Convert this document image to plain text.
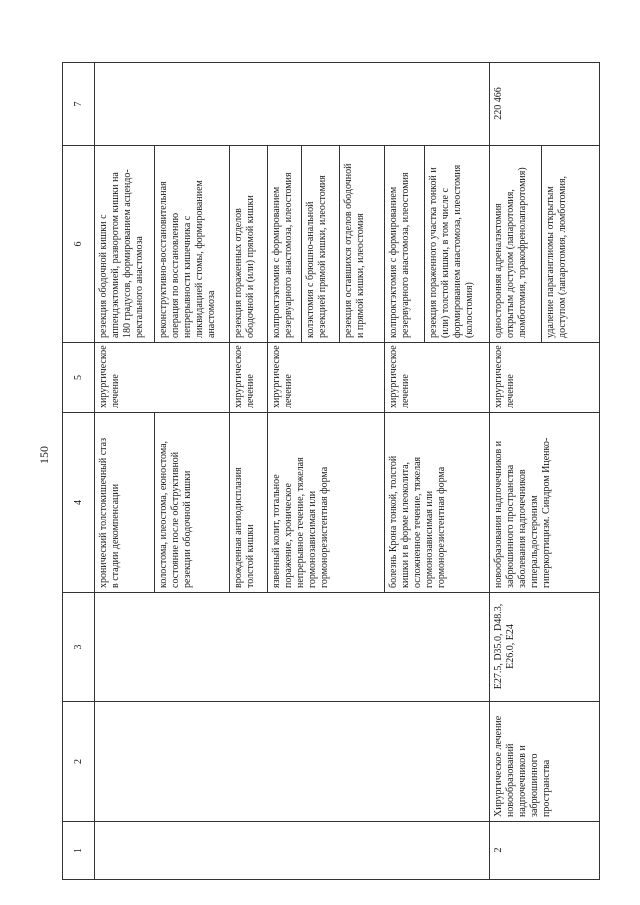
150
1
2
3
4
5
6
7
хронический толстокишечный стаз
в стадии декомпенсации
хирургическое
лечение
резекция ободочной кишки с
аппендэктомией, разворотом кишки на
180 градусов, формированием асцендо-
ректального анастомоза
колостома, илеостома, еюностома,
состояние после обструктивной
резекции ободочной кишки
реконструктивно-восстановительная
операция по восстановлению
непрерывности кишечника с
ликвидацией стомы, формированием
анастомоза
врожденная ангиодисплазия
толстой кишки
хирургическое
лечение
резекция пораженных отделов
ободочной и (или) прямой кишки
язвенный колит, тотальное
поражение, хроническое
непрерывное течение, тяжелая
гормонозависимая или
гормонорезистентная форма
хирургическое
лечение
колпроктэктомия с формированием
резервуарного анастомоза, илеостомия
колэктомия с брюшно-анальной
резекцией прямой кишки, илеостомия
резекция оставшихся отделов ободочной
и прямой кишки, илеостомия
болезнь Крона тонкой, толстой
кишки и в форме илеоколита,
осложненное течение, тяжелая
гормонозависимая или
гормонорезистентная форма
хирургическое
лечение
колпроктэктомия с формированием
резервуарного анастомоза, илеостомия
резекция пораженного участка тонкой и
(или) толстой кишки, в том числе с
формированием анастомоза, илеостомия
(колостомия)
2
Хирургическое лечение
новообразований
надпочечников и
забрюшинного
пространства
E27.5, D35.0, D48.3,
E26.0, E24
новообразования надпочечников и
забрюшинного пространства
заболевания надпочечников
гиперальдостеронизм
гиперкортицизм. Синдром Иценко-
хирургическое
лечение
односторонняя адреналэктомия
открытым доступом (лапаротомия,
люмботомия, торакофренолапаротомия)
удаление параганглиомы открытым
доступом (лапаротомия, люмботомия,
220 466
